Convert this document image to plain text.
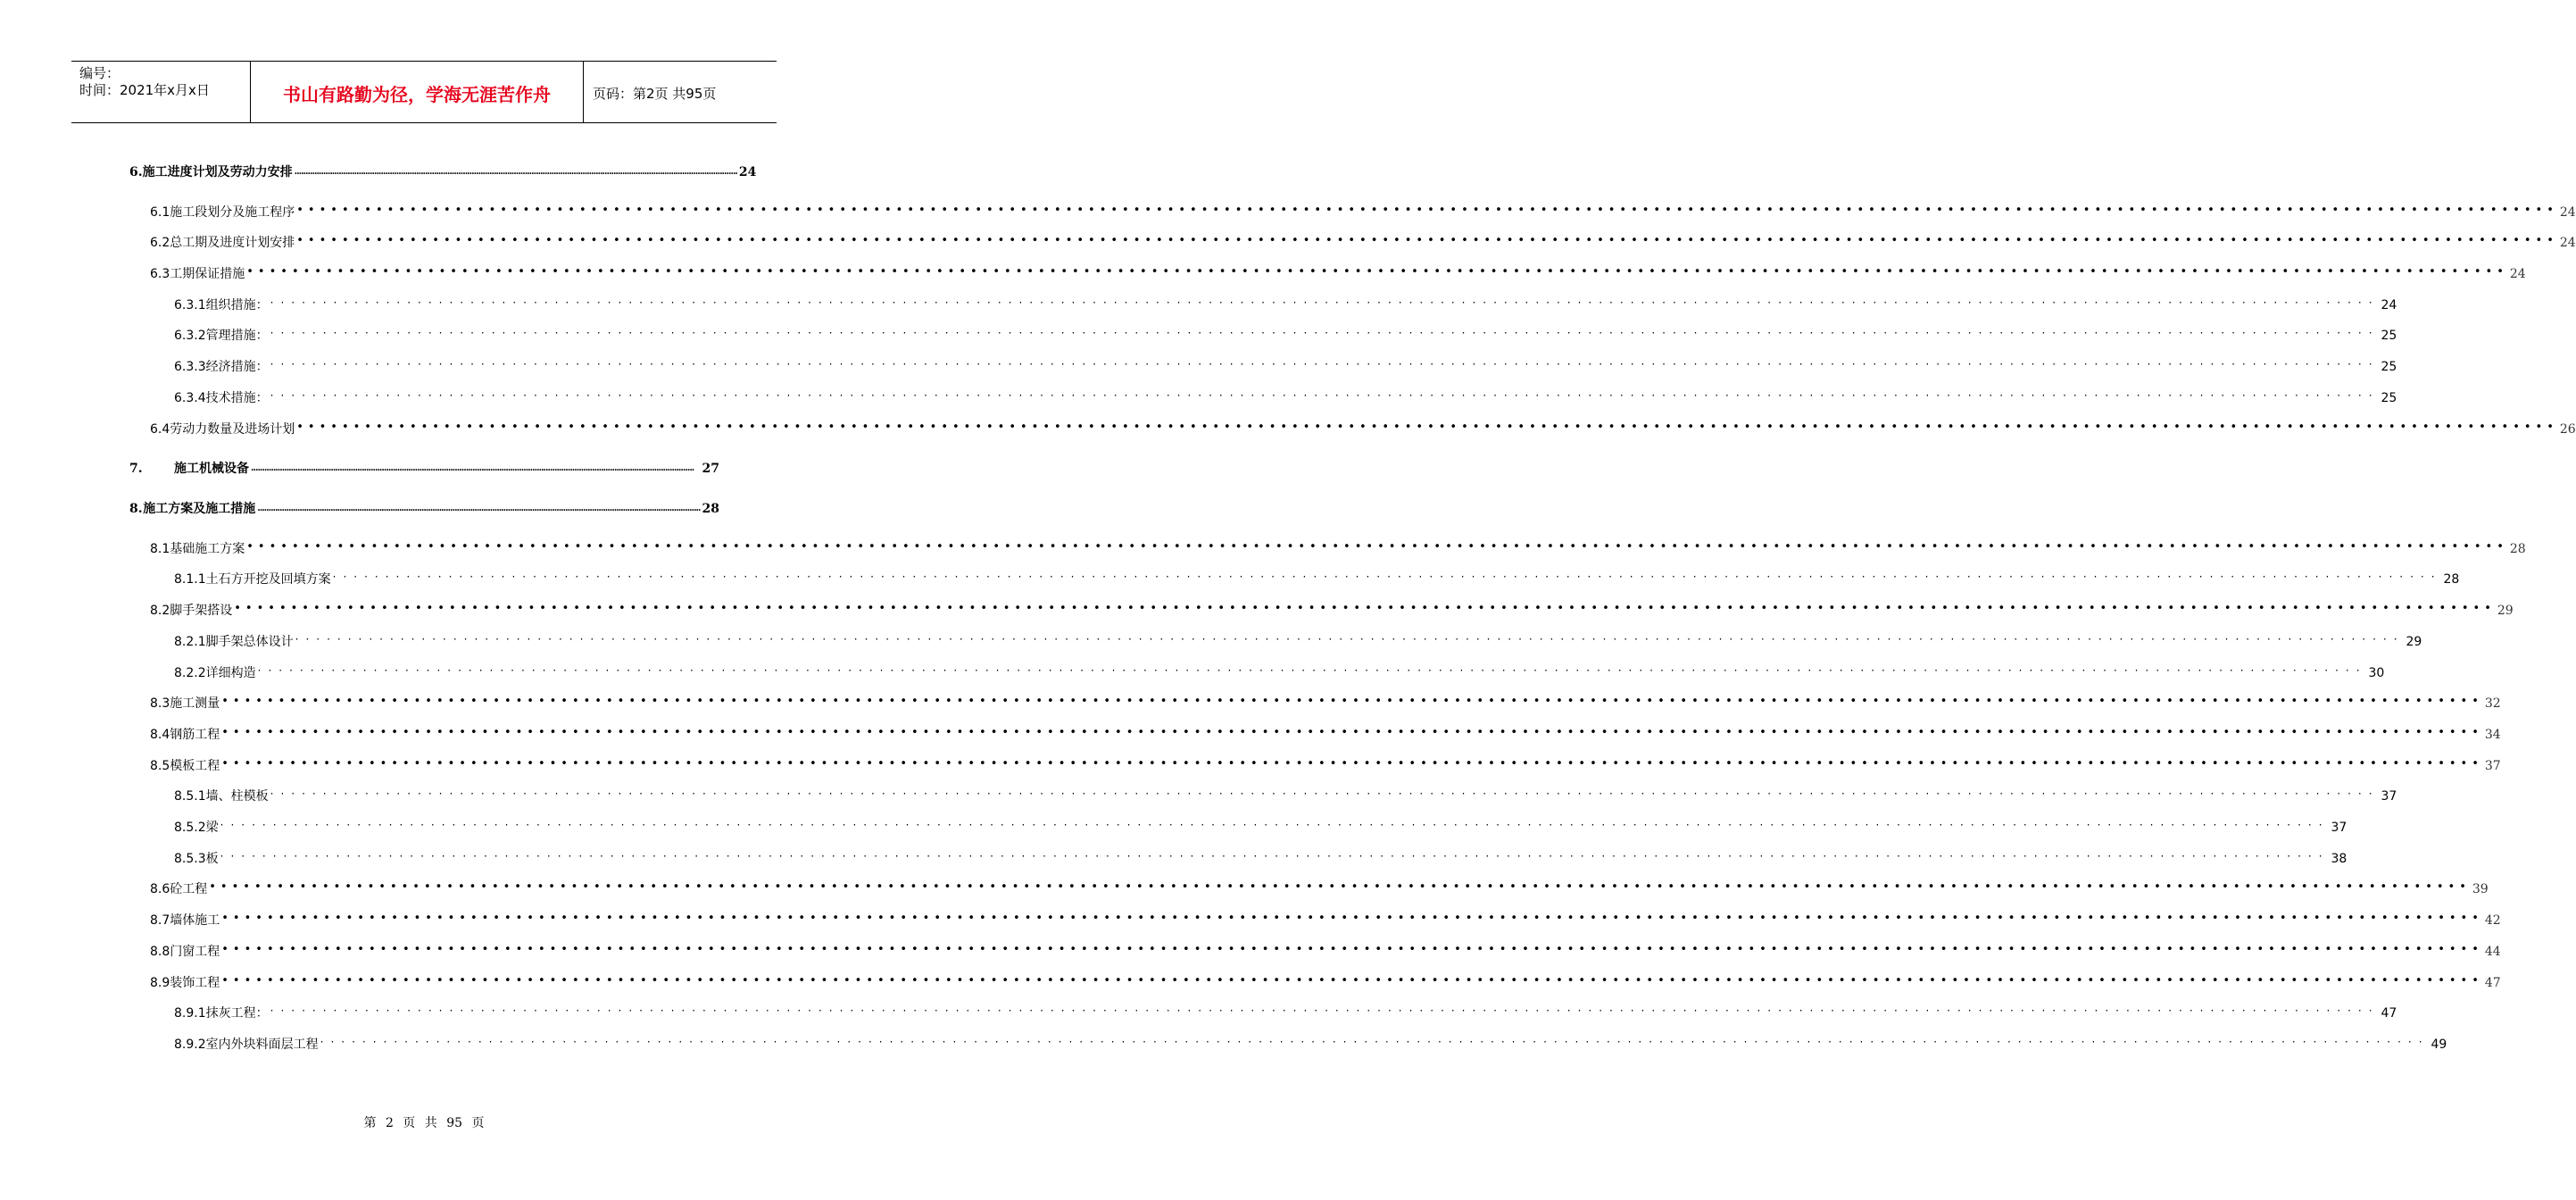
编号：
时间：2021年x月x日	书山有路勤为径，学海无涯苦作舟	页码：第2页 共95页
6. 施工进度计划及劳动力安排 ........................................................................................................................................................................................................ 24
6.1 施工段划分及施工程序 •••••••••••••••••••••••••••••••••••••••••••••••••••••••••••••••••••••••••••••••••••••••••••••••••••••••••••••••••••••••••••••••••••••••••••••••••••••••••••••••••••••••••••••••••••••••••••••••••••••••• 24
6.2 总工期及进度计划安排 •••••••••••••••••••••••••••••••••••••••••••••••••••••••••••••••••••••••••••••••••••••••••••••••••••••••••••••••••••••••••••••••••••••••••••••••••••••••••••••••••••••••••••••••••••••••••••••••••••••••• 24
6.3 工期保证措施 •••••••••••••••••••••••••••••••••••••••••••••••••••••••••••••••••••••••••••••••••••••••••••••••••••••••••••••••••••••••••••••••••••••••••••••••••••••••••••••••••••••••••••••••••••••••••••••••••••••••• 24
6.3.1 组织措施： ········································································································································································································ 24
6.3.2 管理措施： ········································································································································································································ 25
6.3.3 经济措施： ········································································································································································································ 25
6.3.4 技术措施： ········································································································································································································ 25
6.4 劳动力数量及进场计划 •••••••••••••••••••••••••••••••••••••••••••••••••••••••••••••••••••••••••••••••••••••••••••••••••••••••••••••••••••••••••••••••••••••••••••••••••••••••••••••••••••••••••••••••••••••••••••••••••••••••• 26
7.	施工机械设备 ........................................................................................................................................................................................................ 27
8. 施工方案及施工措施 ........................................................................................................................................................................................................ 28
8.1 基础施工方案 •••••••••••••••••••••••••••••••••••••••••••••••••••••••••••••••••••••••••••••••••••••••••••••••••••••••••••••••••••••••••••••••••••••••••••••••••••••••••••••••••••••••••••••••••••••••••••••••••••••••• 28
8.1.1 土石方开挖及回填方案 ········································································································································································································ 28
8.2 脚手架搭设 •••••••••••••••••••••••••••••••••••••••••••••••••••••••••••••••••••••••••••••••••••••••••••••••••••••••••••••••••••••••••••••••••••••••••••••••••••••••••••••••••••••••••••••••••••••••••••••••••••••••• 29
8.2.1 脚手架总体设计 ········································································································································································································ 29
8.2.2 详细构造 ········································································································································································································ 30
8.3 施工测量 •••••••••••••••••••••••••••••••••••••••••••••••••••••••••••••••••••••••••••••••••••••••••••••••••••••••••••••••••••••••••••••••••••••••••••••••••••••••••••••••••••••••••••••••••••••••••••••••••••••••• 32
8.4 钢筋工程 •••••••••••••••••••••••••••••••••••••••••••••••••••••••••••••••••••••••••••••••••••••••••••••••••••••••••••••••••••••••••••••••••••••••••••••••••••••••••••••••••••••••••••••••••••••••••••••••••••••••• 34
8.5 模板工程 •••••••••••••••••••••••••••••••••••••••••••••••••••••••••••••••••••••••••••••••••••••••••••••••••••••••••••••••••••••••••••••••••••••••••••••••••••••••••••••••••••••••••••••••••••••••••••••••••••••••• 37
8.5.1 墙、柱模板 ········································································································································································································ 37
8.5.2 梁 ········································································································································································································ 37
8.5.3 板 ········································································································································································································ 38
8.6 砼工程 •••••••••••••••••••••••••••••••••••••••••••••••••••••••••••••••••••••••••••••••••••••••••••••••••••••••••••••••••••••••••••••••••••••••••••••••••••••••••••••••••••••••••••••••••••••••••••••••••••••••• 39
8.7 墙体施工 •••••••••••••••••••••••••••••••••••••••••••••••••••••••••••••••••••••••••••••••••••••••••••••••••••••••••••••••••••••••••••••••••••••••••••••••••••••••••••••••••••••••••••••••••••••••••••••••••••••••• 42
8.8 门窗工程 •••••••••••••••••••••••••••••••••••••••••••••••••••••••••••••••••••••••••••••••••••••••••••••••••••••••••••••••••••••••••••••••••••••••••••••••••••••••••••••••••••••••••••••••••••••••••••••••••••••••• 44
8.9 装饰工程 •••••••••••••••••••••••••••••••••••••••••••••••••••••••••••••••••••••••••••••••••••••••••••••••••••••••••••••••••••••••••••••••••••••••••••••••••••••••••••••••••••••••••••••••••••••••••••••••••••••••• 47
8.9.1 抹灰工程： ········································································································································································································ 47
8.9.2 室内外块料面层工程 ········································································································································································································ 49
第 2 页 共 95 页
